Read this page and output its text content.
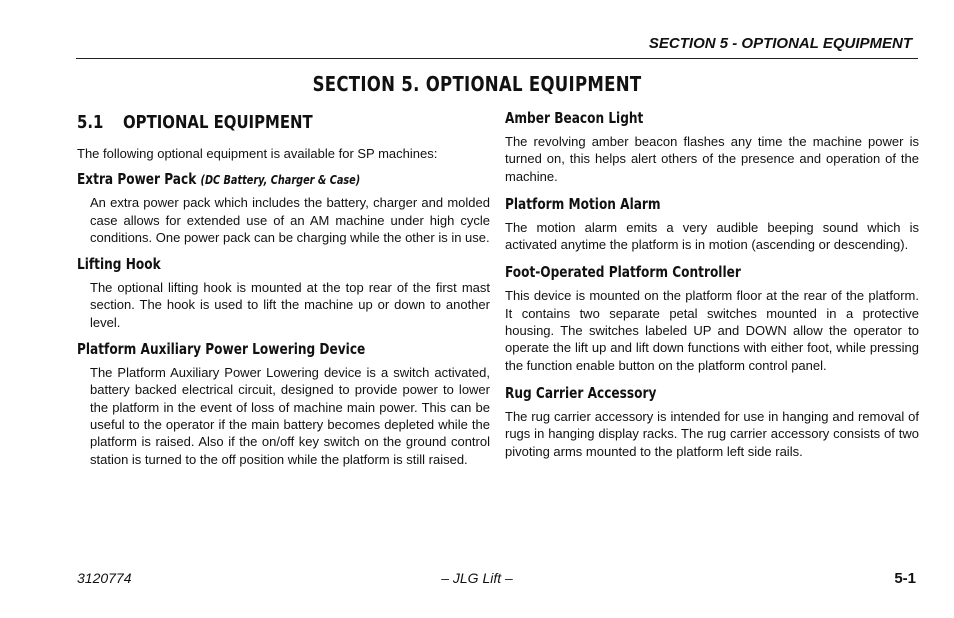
SECTION 5 - OPTIONAL EQUIPMENT
SECTION 5. OPTIONAL EQUIPMENT
5.1 OPTIONAL EQUIPMENT

The following optional equipment is available for SP machines:

Extra Power Pack (DC Battery, Charger & Case)

An extra power pack which includes the battery, charger and molded case allows for extended use of an AM machine under high cycle conditions. One power pack can be charging while the other is in use.

Lifting Hook

The optional lifting hook is mounted at the top rear of the first mast section. The hook is used to lift the machine up or down to another level.

Platform Auxiliary Power Lowering Device

The Platform Auxiliary Power Lowering device is a switch activated, battery backed electrical circuit, designed to provide power to lower the platform in the event of loss of machine main power. This can be useful to the operator if the main battery becomes depleted while the platform is raised. Also if the on/off key switch on the ground control station is turned to the off position while the platform is still raised.

Amber Beacon Light

The revolving amber beacon flashes any time the machine power is turned on, this helps alert others of the presence and operation of the machine.

Platform Motion Alarm

The motion alarm emits a very audible beeping sound which is activated anytime the platform is in motion (ascending or descending).

Foot-Operated Platform Controller

This device is mounted on the platform floor at the rear of the platform. It contains two separate petal switches mounted in a protective housing. The switches labeled UP and DOWN allow the operator to operate the lift up and lift down functions with either foot, while pressing the function enable button on the platform control panel.

Rug Carrier Accessory

The rug carrier accessory is intended for use in hanging and removal of rugs in hanging display racks. The rug carrier accessory consists of two pivoting arms mounted to the platform left side rails.

3120774	– JLG Lift –	5-1
